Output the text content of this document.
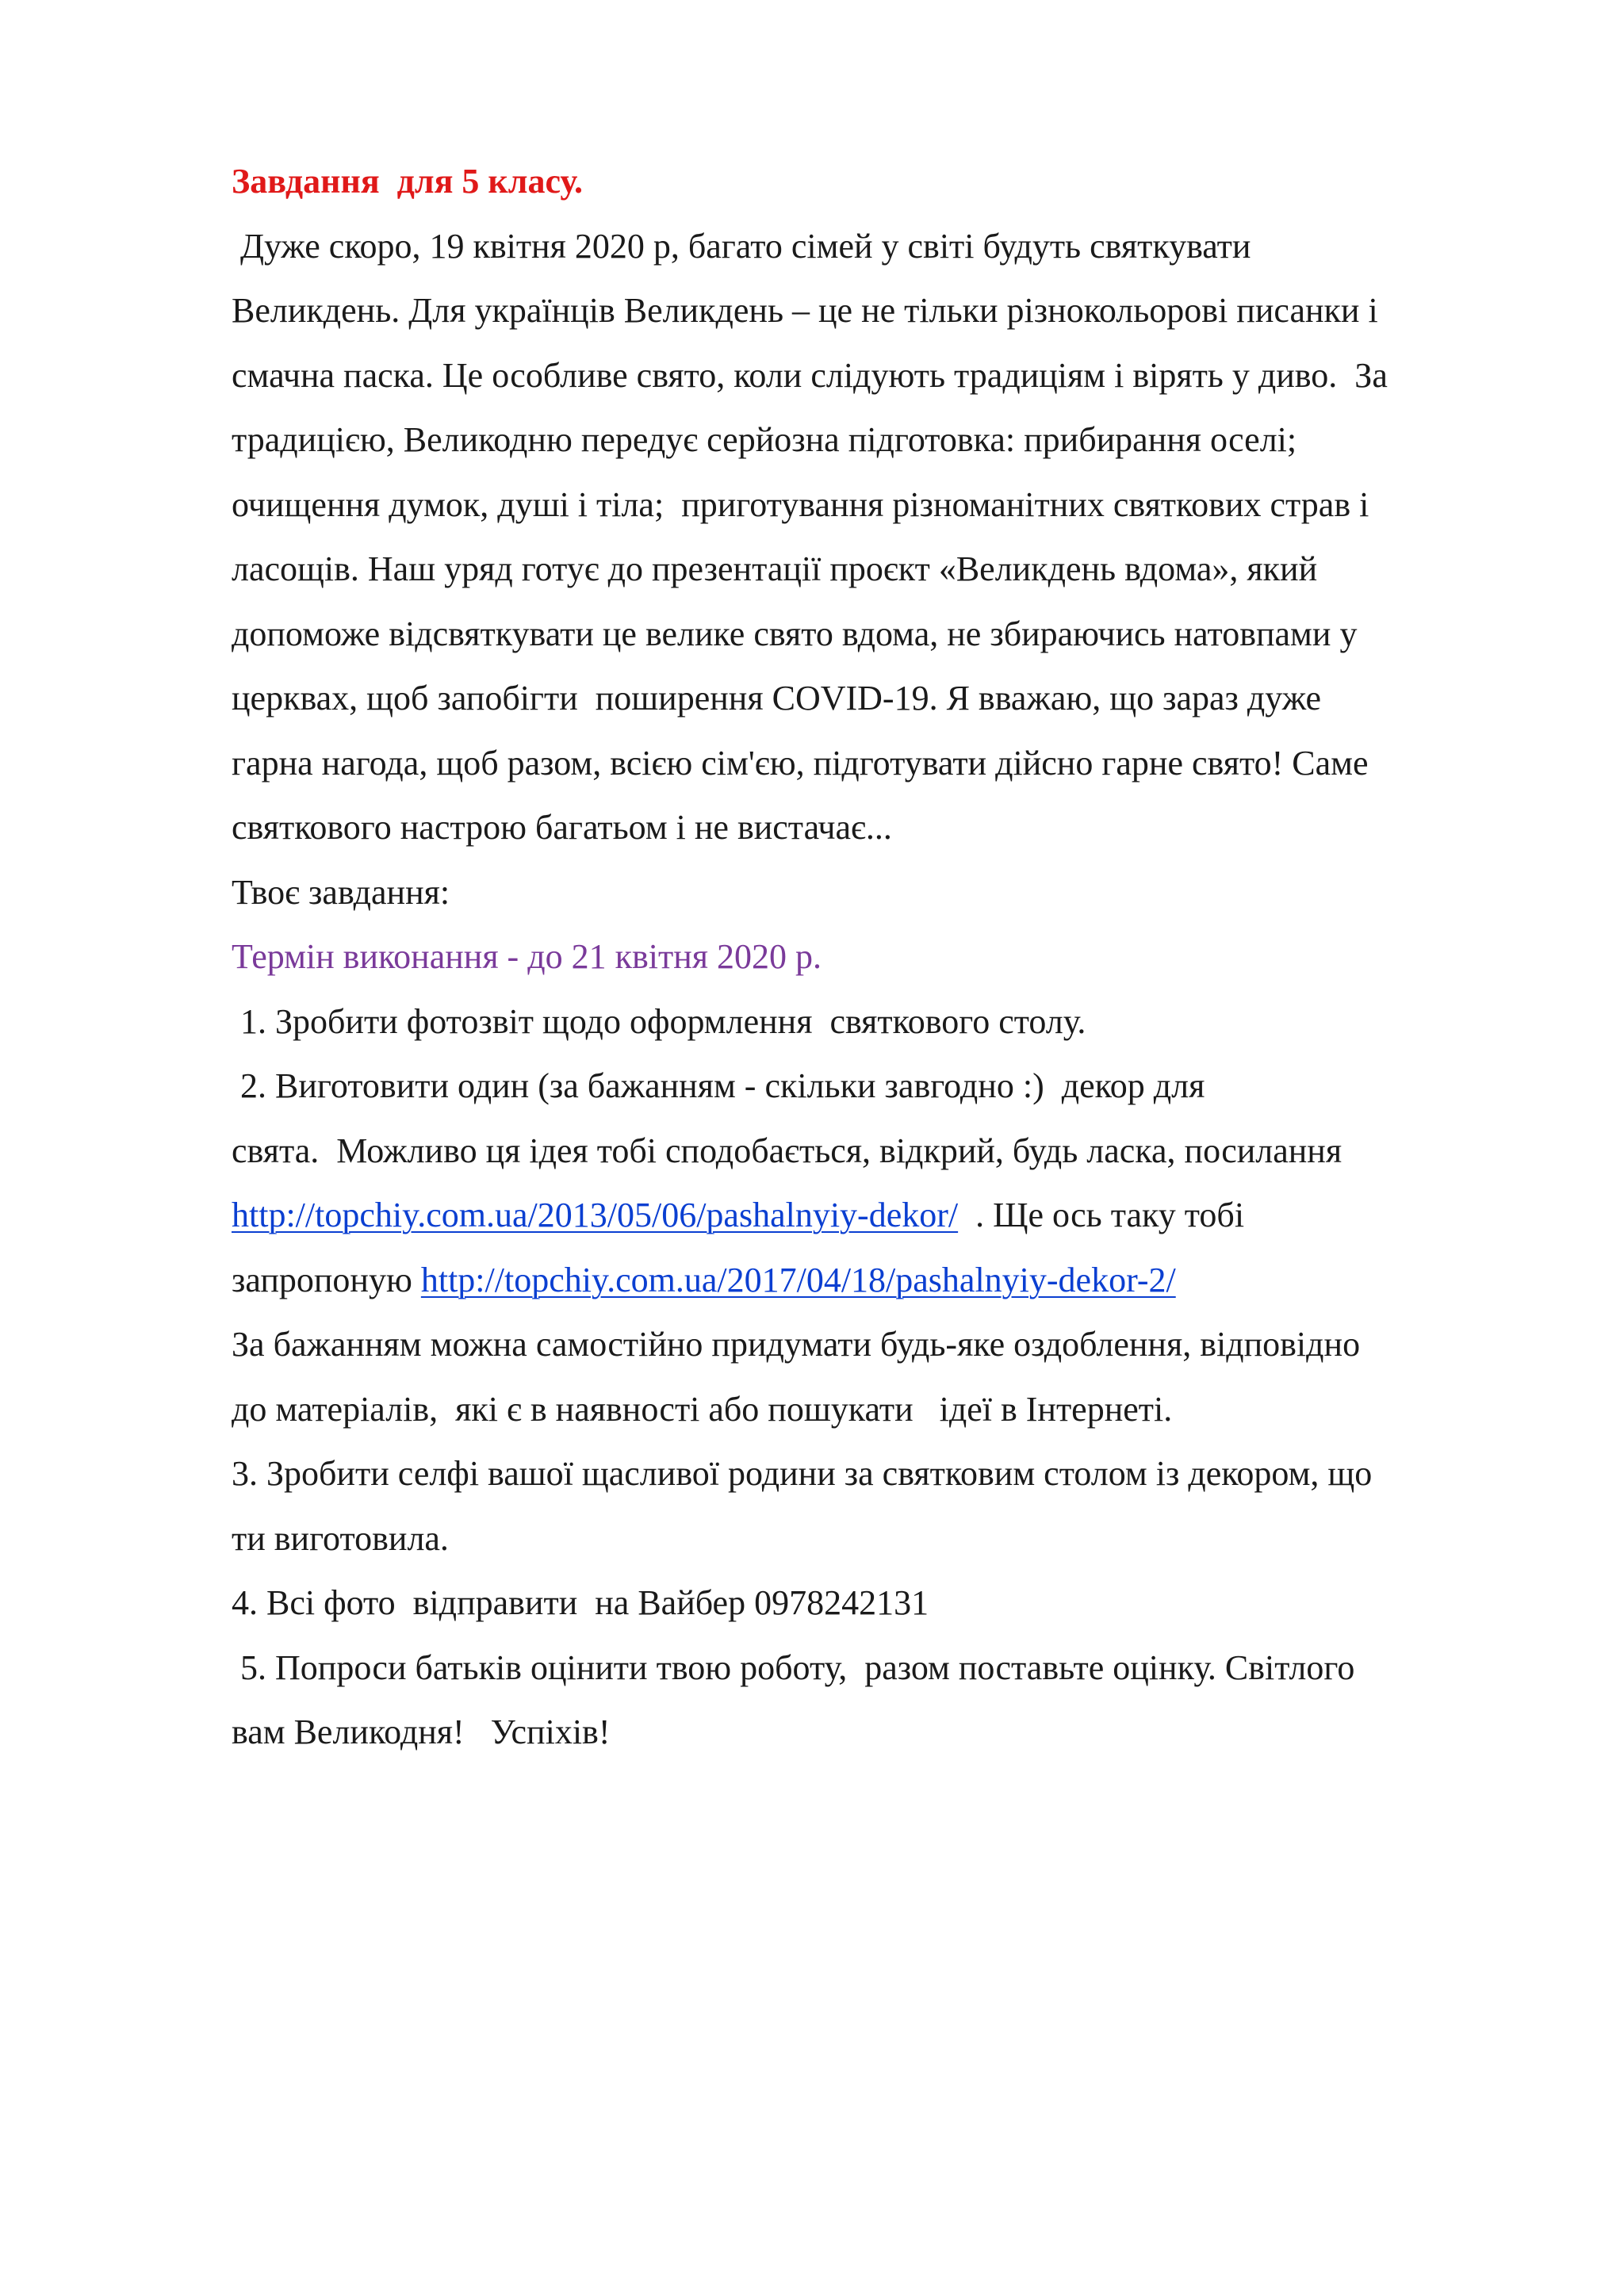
Завдання  для 5 класу.

Дуже скоро, 19 квітня 2020 р, багато сімей у світі будуть святкувати

Великдень. Для українців Великдень – це не тільки різнокольорові писанки і

смачна паска. Це особливе свято, коли слідують традиціям і вірять у диво.  За

традицією, Великодню передує серйозна підготовка: прибирання оселі;

очищення думок, душі і тіла;  приготування різноманітних святкових страв і

ласощів. Наш уряд готує до презентації проєкт «Великдень вдома», який

допоможе відсвяткувати це велике свято вдома, не збираючись натовпами у

церквах, щоб запобігти  поширення COVID-19. Я вважаю, що зараз дуже

гарна нагода, щоб разом, всією сім'єю, підготувати дійсно гарне свято! Саме

святкового настрою багатьом і не вистачає...

Твоє завдання:

Термін виконання - до 21 квітня 2020 р.

1. Зробити фотозвіт щодо оформлення  святкового столу.

2. Виготовити один (за бажанням - скільки завгодно :)  декор для

свята.  Можливо ця ідея тобі сподобається, відкрий, будь ласка, посилання

http://topchiy.com.ua/2013/05/06/pashalnyiy-dekor/  . Ще ось таку тобі

запропоную http://topchiy.com.ua/2017/04/18/pashalnyiy-dekor-2/

За бажанням можна самостійно придумати будь-яке оздоблення, відповідно

до матеріалів,  які є в наявності або пошукати   ідеї в Інтернеті.

3. Зробити селфі вашої щасливої родини за святковим столом із декором, що

ти виготовила.

4. Всі фото  відправити  на Вайбер 0978242131

5. Попроси батьків оцінити твою роботу,  разом поставьте оцінку. Світлого

вам Великодня!   Успіхів!
